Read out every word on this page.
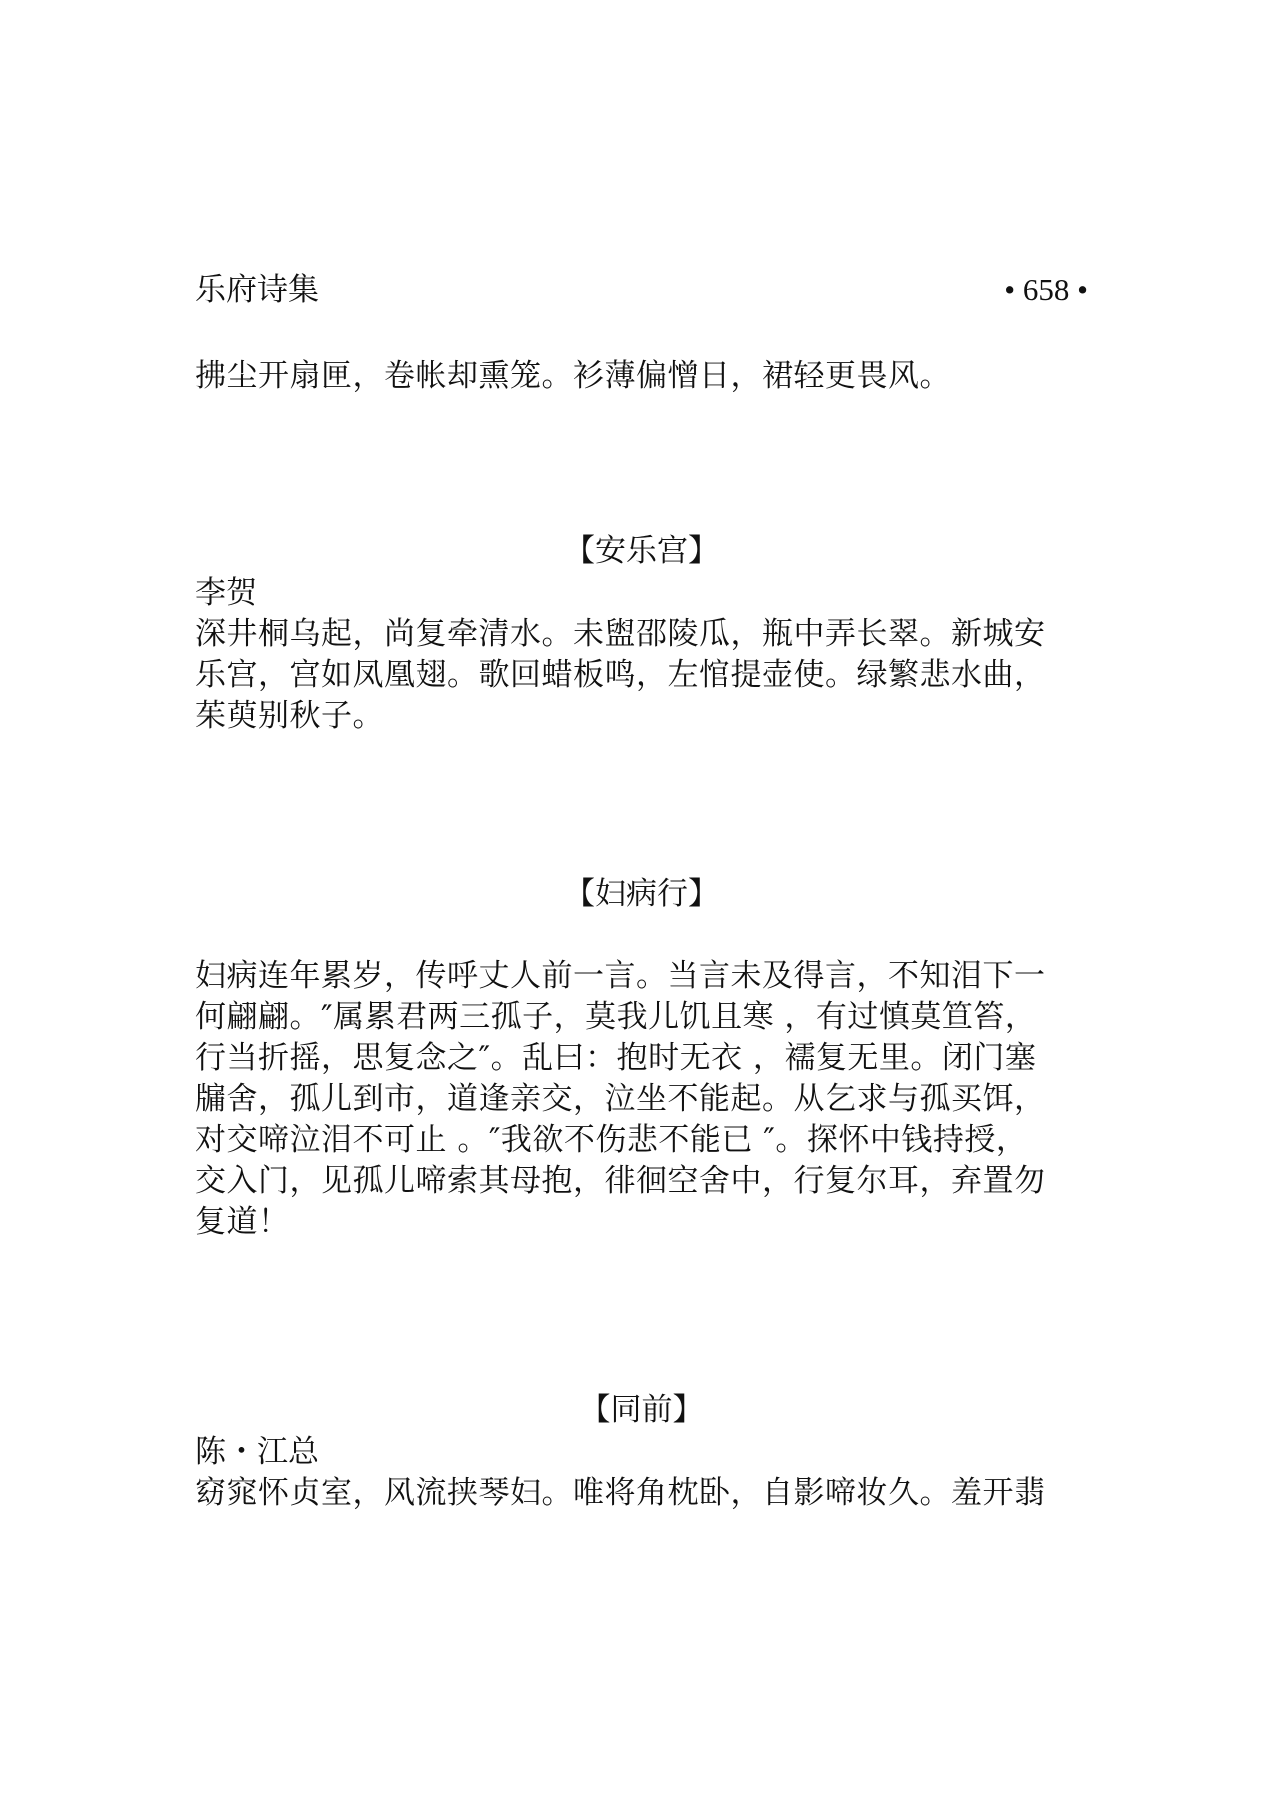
乐府诗集	• 658 •
拂尘开扇匣，卷帐却熏笼。衫薄偏憎日，裙轻更畏风。
【安乐宫】
李贺
深井桐乌起，尚复牵清水。未盥邵陵瓜，瓶中弄长翠。新城安
乐宫，宫如凤凰翅。歌回蜡板鸣，左悺提壶使。绿繁悲水曲，
茱萸别秋子。
【妇病行】
妇病连年累岁，传呼丈人前一言。当言未及得言，不知泪下一
何翩翩。″属累君两三孤子，莫我儿饥且寒 ，有过慎莫笪笞，
行当折摇，思复念之″。乱曰：抱时无衣 ，襦复无里。闭门塞
牖舍，孤儿到市，道逢亲交，泣坐不能起。从乞求与孤买饵，
对交啼泣泪不可止 。″我欲不伤悲不能已 ″。探怀中钱持授，
交入门，见孤儿啼索其母抱，徘徊空舍中，行复尔耳，弃置勿
复道！
【同前】
陈・江总
窈窕怀贞室，风流挟琴妇。唯将角枕卧，自影啼妆久。羞开翡
